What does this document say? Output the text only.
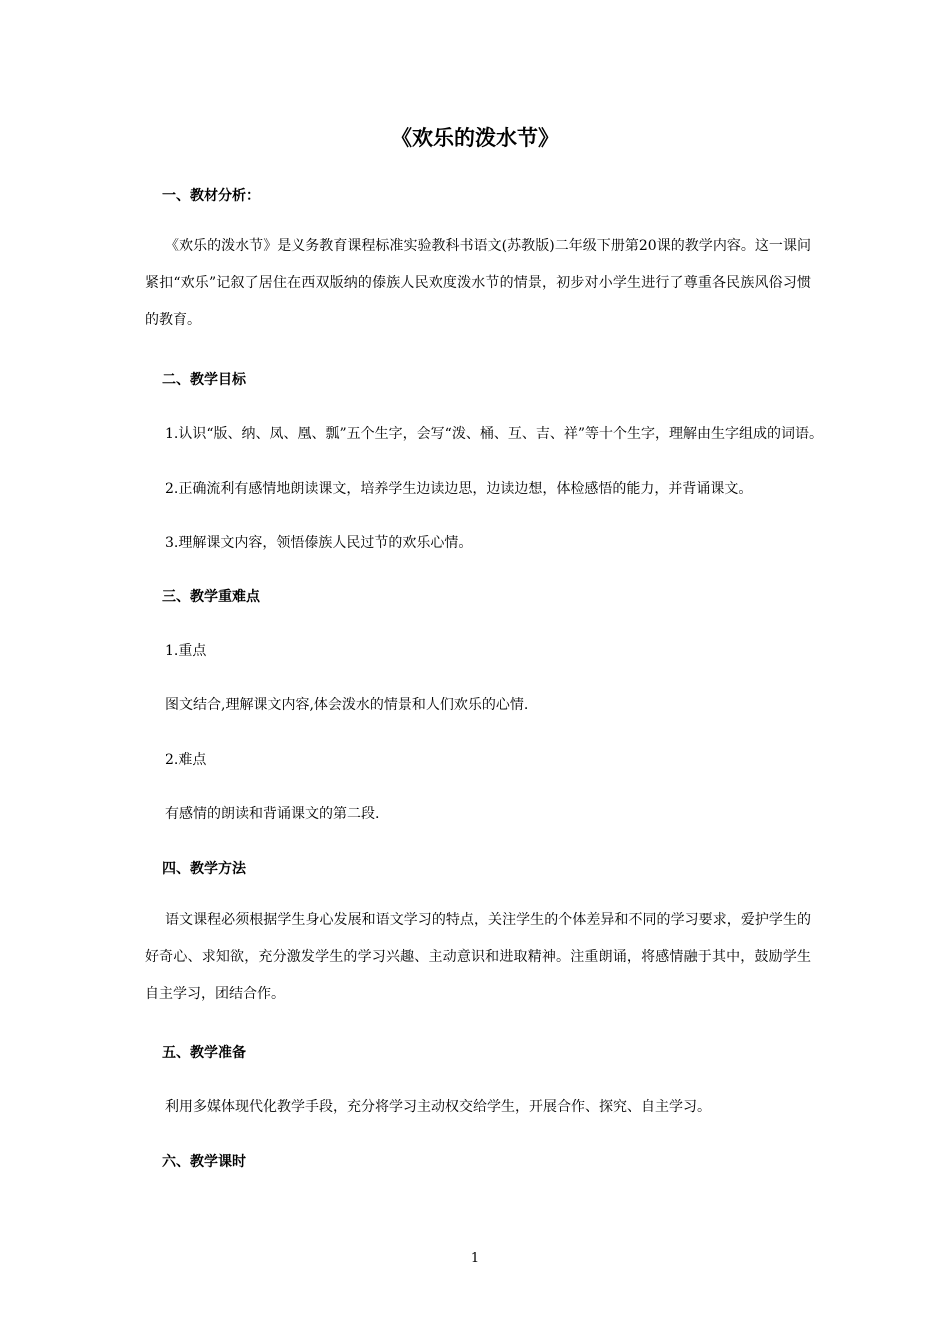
《欢乐的泼水节》
一、教材分析：
《欢乐的泼水节》是义务教育课程标准实验教科书语文(苏教版)二年级下册第20课的教学内容。这一课问紧扣“欢乐”记叙了居住在西双版纳的傣族人民欢度泼水节的情景，初步对小学生进行了尊重各民族风俗习惯的教育。
二、教学目标
1.认识“版、纳、凤、凰、瓢”五个生字，会写“泼、桶、互、吉、祥”等十个生字，理解由生字组成的词语。
2.正确流利有感情地朗读课文，培养学生边读边思，边读边想，体检感悟的能力，并背诵课文。
3.理解课文内容，领悟傣族人民过节的欢乐心情。
三、教学重难点
1.重点
图文结合,理解课文内容,体会泼水的情景和人们欢乐的心情.
2.难点
有感情的朗读和背诵课文的第二段.
四、教学方法
语文课程必须根据学生身心发展和语文学习的特点，关注学生的个体差异和不同的学习要求，爱护学生的好奇心、求知欲，充分激发学生的学习兴趣、主动意识和进取精神。注重朗诵，将感情融于其中，鼓励学生自主学习，团结合作。
五、教学准备
利用多媒体现代化教学手段，充分将学习主动权交给学生，开展合作、探究、自主学习。
六、教学课时
1
